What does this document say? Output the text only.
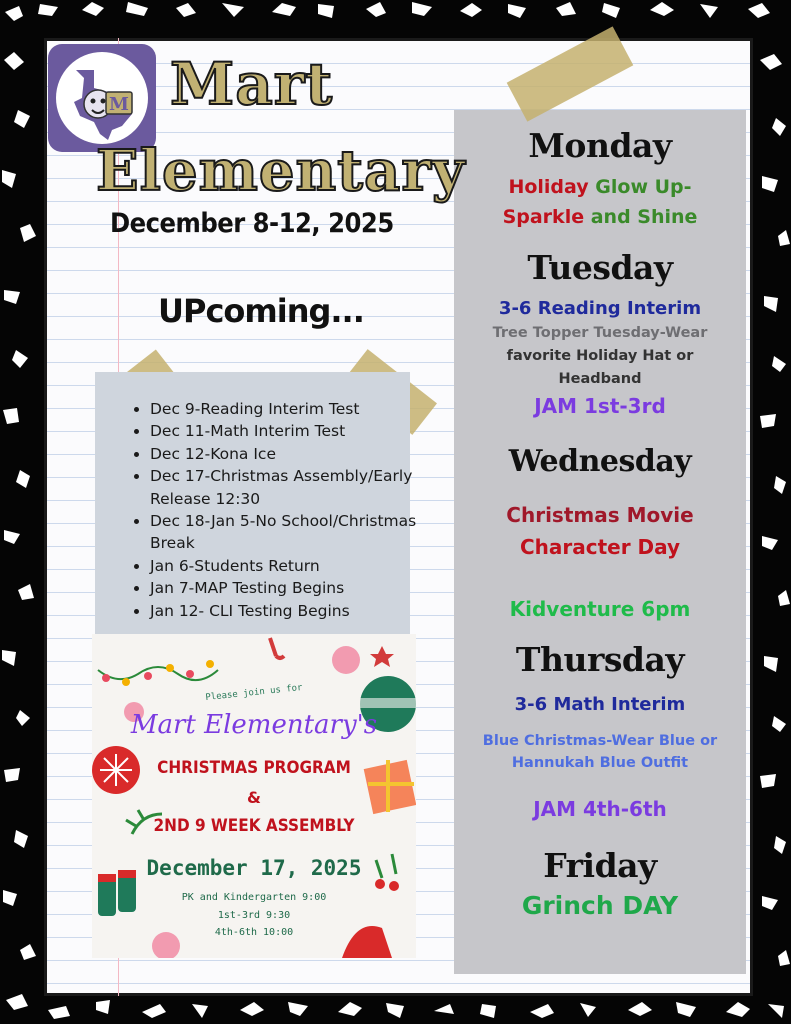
M Mart
Elementary
December 8-12, 2025
UPcoming...
• Dec 9-Reading Interim Test
• Dec 11-Math Interim Test
• Dec 12-Kona Ice
• Dec 17-Christmas Assembly/Early Release 12:30
• Dec 18-Jan 5-No School/Christmas Break
• Jan 6-Students Return
• Jan 7-MAP Testing Begins
• Jan 12- CLI Testing Begins
Please join us for
Mart Elementary's
CHRISTMAS PROGRAM
&
2ND 9 WEEK ASSEMBLY
December 17, 2025
PK and Kindergarten 9:00
1st-3rd 9:30
4th-6th 10:00
Monday
Holiday Glow Up-
Sparkle and Shine
Tuesday
3-6 Reading Interim
Tree Topper Tuesday-Wear
favorite Holiday Hat or
Headband
JAM 1st-3rd
Wednesday
Christmas Movie
Character Day
Kidventure 6pm
Thursday
3-6 Math Interim
Blue Christmas-Wear Blue or
Hannukah Blue Outfit
JAM 4th-6th
Friday
Grinch DAY
